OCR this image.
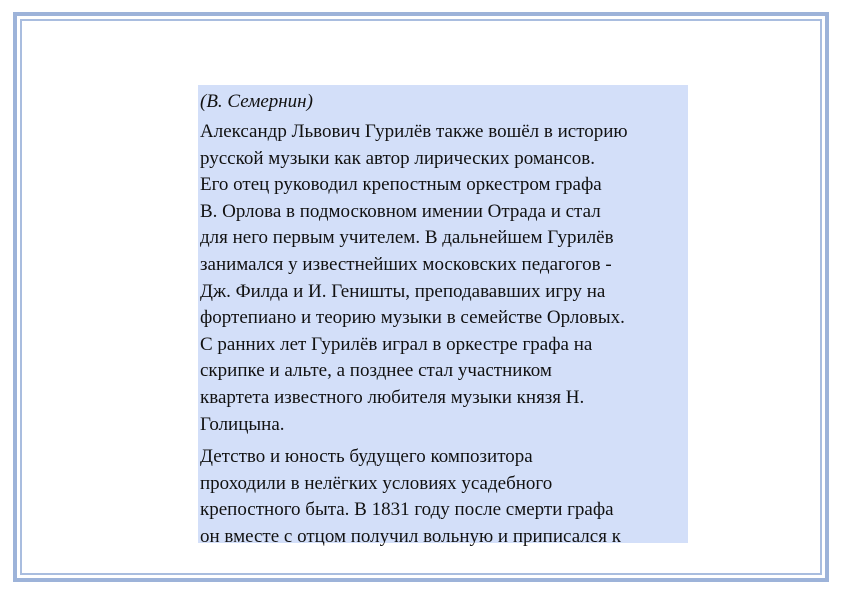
(В. Семернин)
Александр Львович Гурилёв также вошёл в историю
русской музыки как автор лирических романсов.
Его отец руководил крепостным оркестром графа
В. Орлова в подмосковном имении Отрада и стал
для него первым учителем. В дальнейшем Гурилёв
занимался у известнейших московских педагогов -
Дж. Филда и И. Геништы, преподававших игру на
фортепиано и теорию музыки в семействе Орловых.
С ранних лет Гурилёв играл в оркестре графа на
скрипке и альте, а позднее стал участником
квартета известного любителя музыки князя Н.
Голицына.
Детство и юность будущего композитора
проходили в нелёгких условиях усадебного
крепостного быта. В 1831 году после смерти графа
он вместе с отцом получил вольную и приписался к
